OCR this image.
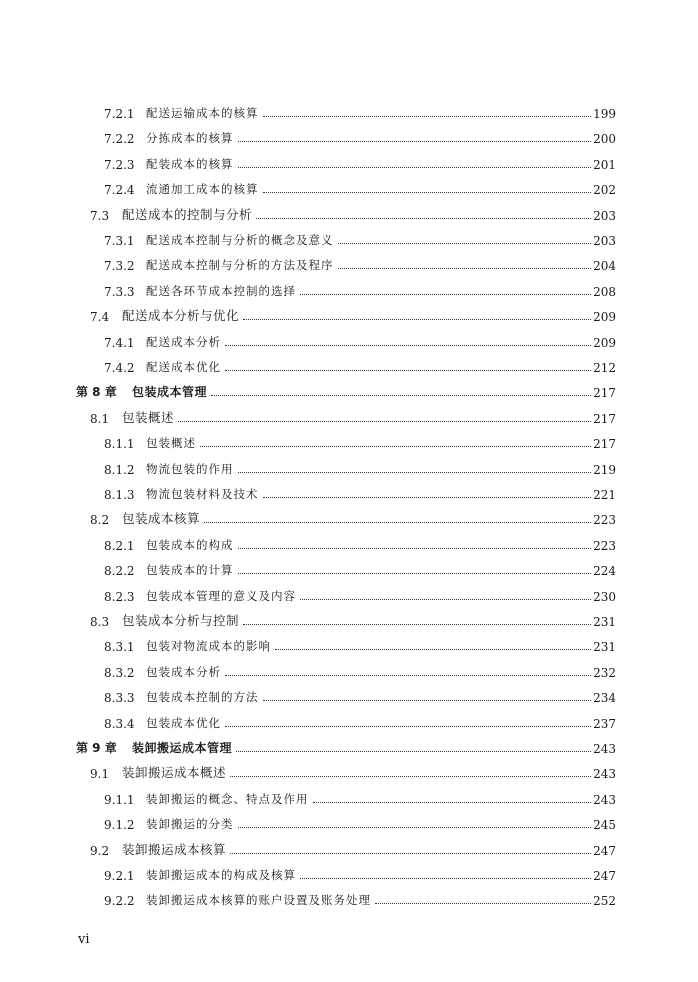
7.2.1 配送运输成本的核算	199
7.2.2 分拣成本的核算	200
7.2.3 配装成本的核算	201
7.2.4 流通加工成本的核算	202
7.3	配送成本的控制与分析	203
7.3.1 配送成本控制与分析的概念及意义	203
7.3.2 配送成本控制与分析的方法及程序	204
7.3.3 配送各环节成本控制的选择	208
7.4	配送成本分析与优化	209
7.4.1 配送成本分析	209
7.4.2 配送成本优化	212
第 8 章	包装成本管理	217
8.1	包装概述	217
8.1.1 包装概述	217
8.1.2 物流包装的作用	219
8.1.3 物流包装材料及技术	221
8.2	包装成本核算	223
8.2.1 包装成本的构成	223
8.2.2 包装成本的计算	224
8.2.3 包装成本管理的意义及内容	230
8.3	包装成本分析与控制	231
8.3.1 包装对物流成本的影响	231
8.3.2 包装成本分析	232
8.3.3 包装成本控制的方法	234
8.3.4 包装成本优化	237
第 9 章	装卸搬运成本管理	243
9.1	装卸搬运成本概述	243
9.1.1 装卸搬运的概念、特点及作用	243
9.1.2 装卸搬运的分类	245
9.2	装卸搬运成本核算	247
9.2.1 装卸搬运成本的构成及核算	247
9.2.2 装卸搬运成本核算的账户设置及账务处理	252
vi
